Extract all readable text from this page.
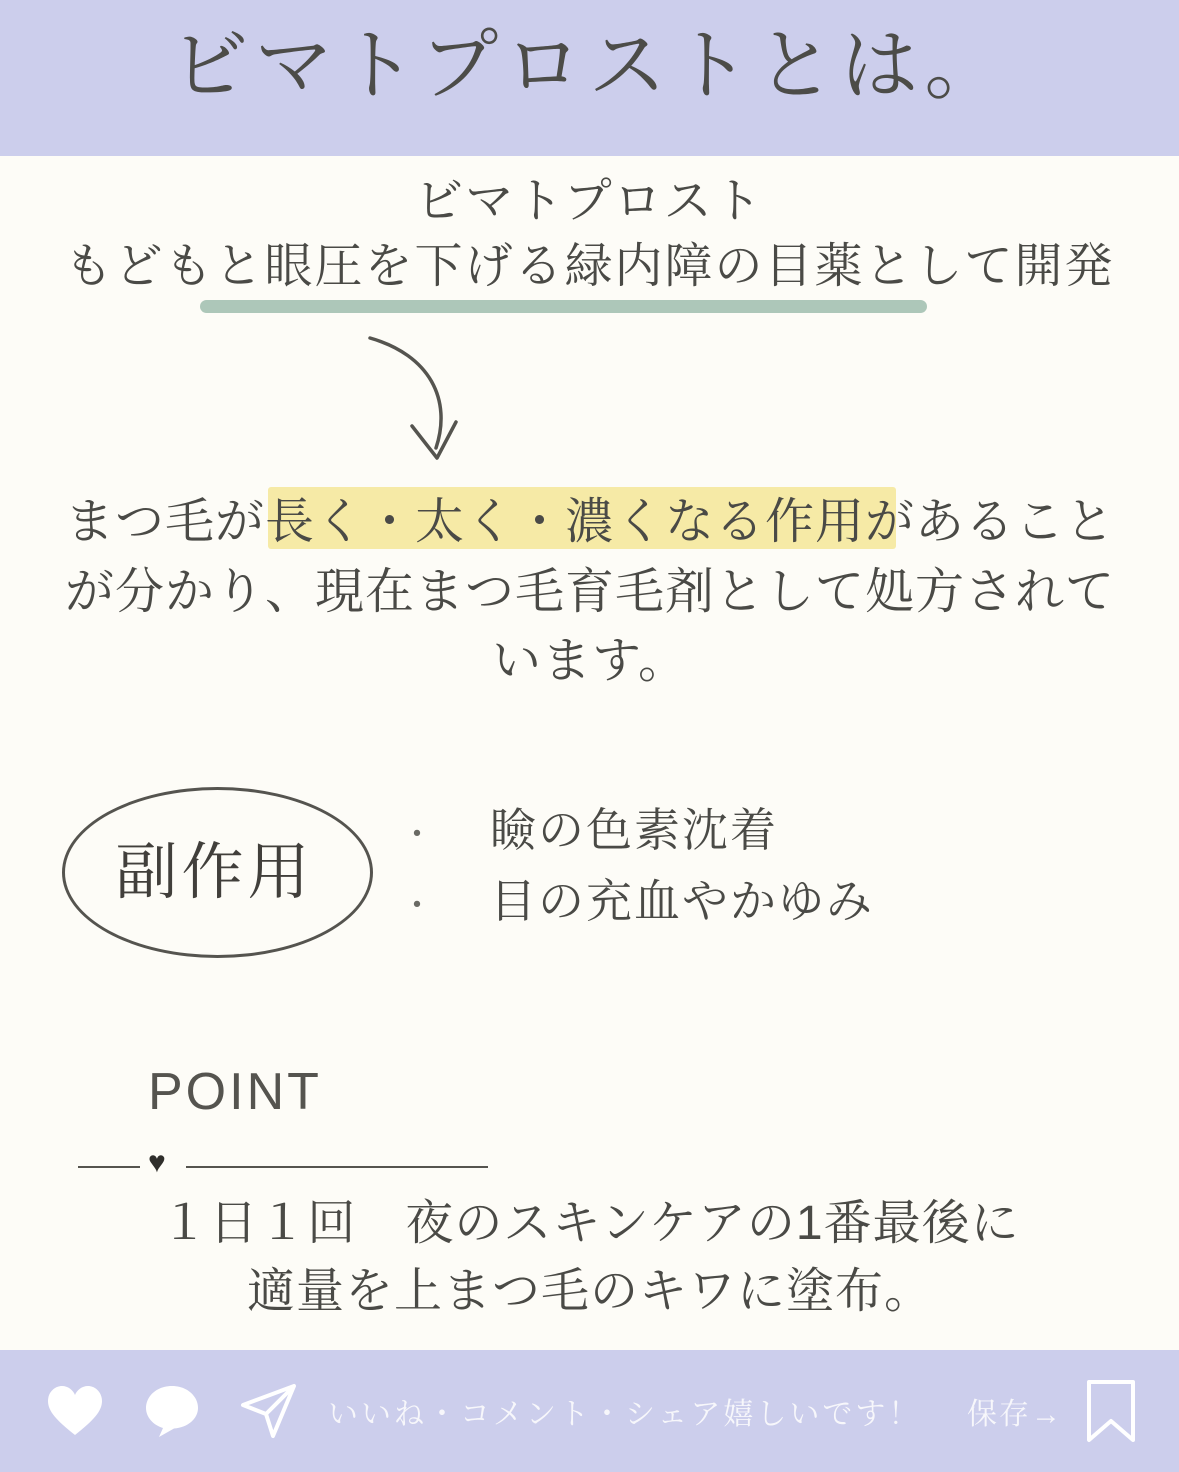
ビマトプロストとは。
ビマトプロスト
もどもと眼圧を下げる緑内障の目薬として開発
まつ毛が長く・太く・濃くなる作用があること
が分かり、現在まつ毛育毛剤として処方されて
います。
副作用
・	瞼の色素沈着
・	目の充血やかゆみ
POINT
♥
１日１回　夜のスキンケアの1番最後に
適量を上まつ毛のキワに塗布。
いいね・コメント・シェア嬉しいです！ 保存→
